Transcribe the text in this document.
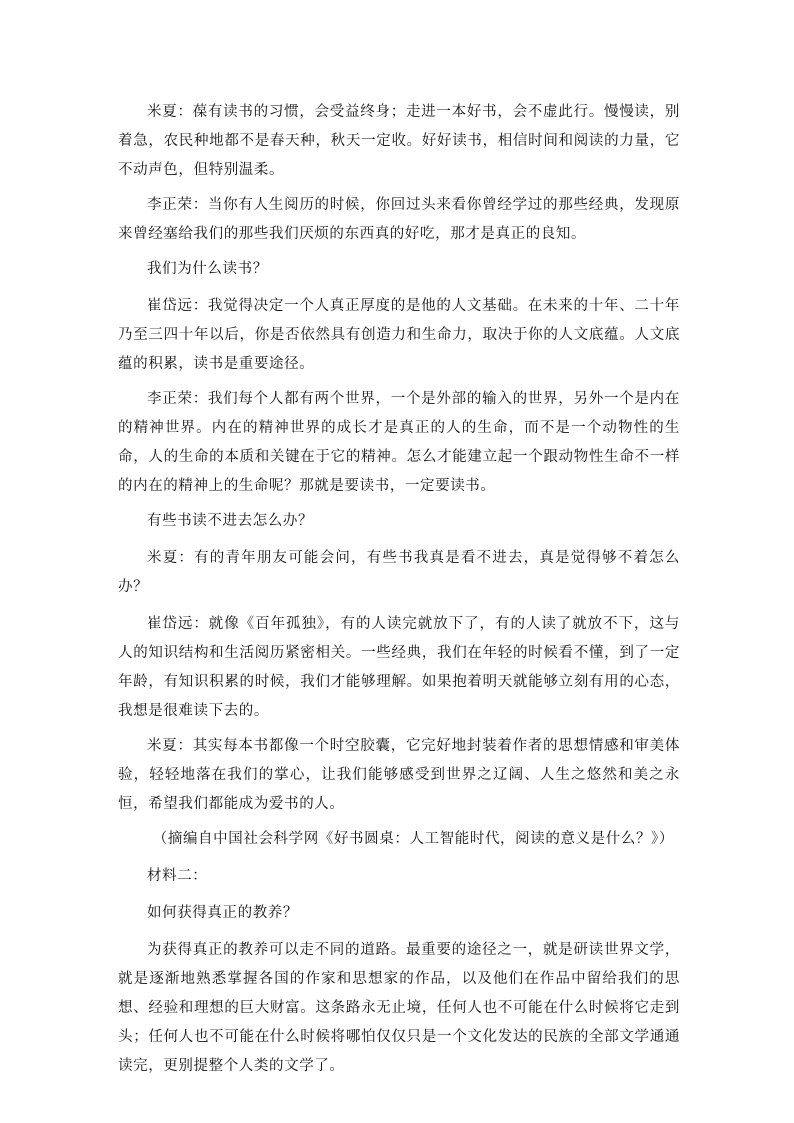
米夏：葆有读书的习惯，会受益终身；走进一本好书，会不虚此行。慢慢读，别着急，农民种地都不是春天种，秋天一定收。好好读书，相信时间和阅读的力量，它不动声色，但特别温柔。

李正荣：当你有人生阅历的时候，你回过头来看你曾经学过的那些经典，发现原来曾经塞给我们的那些我们厌烦的东西真的好吃，那才是真正的良知。

我们为什么读书？

崔岱远：我觉得决定一个人真正厚度的是他的人文基础。在未来的十年、二十年乃至三四十年以后，你是否依然具有创造力和生命力，取决于你的人文底蕴。人文底蕴的积累，读书是重要途径。

李正荣：我们每个人都有两个世界，一个是外部的输入的世界，另外一个是内在的精神世界。内在的精神世界的成长才是真正的人的生命，而不是一个动物性的生命，人的生命的本质和关键在于它的精神。怎么才能建立起一个跟动物性生命不一样的内在的精神上的生命呢？那就是要读书，一定要读书。

有些书读不进去怎么办？

米夏：有的青年朋友可能会问，有些书我真是看不进去，真是觉得够不着怎么办？

崔岱远：就像《百年孤独》，有的人读完就放下了，有的人读了就放不下，这与人的知识结构和生活阅历紧密相关。一些经典，我们在年轻的时候看不懂，到了一定年龄，有知识积累的时候，我们才能够理解。如果抱着明天就能够立刻有用的心态，我想是很难读下去的。

米夏：其实每本书都像一个时空胶囊，它完好地封装着作者的思想情感和审美体验，轻轻地落在我们的掌心，让我们能够感受到世界之辽阔、人生之悠然和美之永恒，希望我们都能成为爱书的人。

（摘编自中国社会科学网《好书圆桌：人工智能时代，阅读的意义是什么？》）

材料二：

如何获得真正的教养？

为获得真正的教养可以走不同的道路。最重要的途径之一，就是研读世界文学，就是逐渐地熟悉掌握各国的作家和思想家的作品，以及他们在作品中留给我们的思想、经验和理想的巨大财富。这条路永无止境，任何人也不可能在什么时候将它走到头；任何人也不可能在什么时候将哪怕仅仅只是一个文化发达的民族的全部文学通通读完，更别提整个人类的文学了。
